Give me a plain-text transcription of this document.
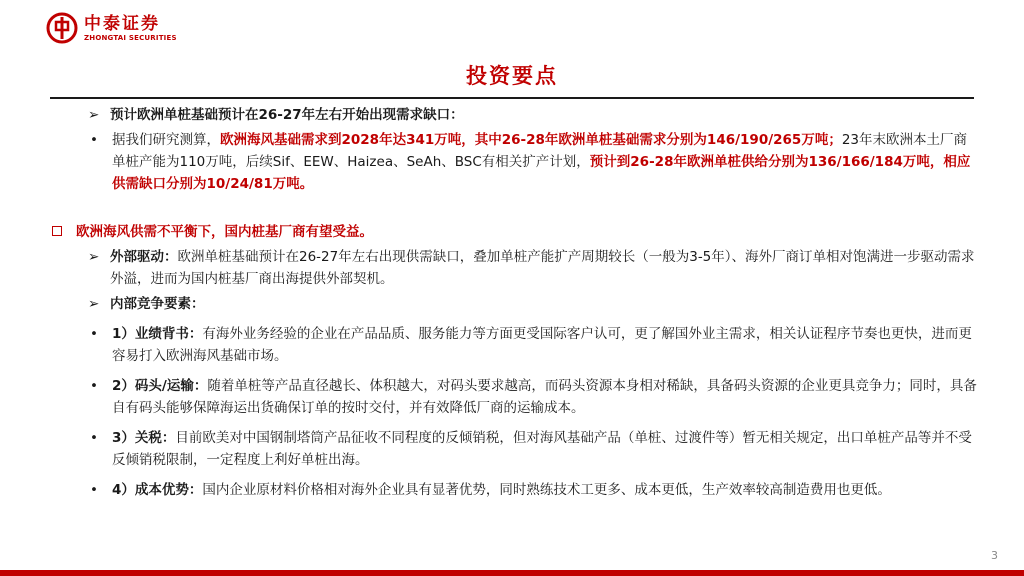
中泰证券
ZHONGTAI SECURITIES
投资要点
➢ 预计欧洲单桩基础预计在26-27年左右开始出现需求缺口：
• 据我们研究测算，欧洲海风基础需求到2028年达341万吨，其中26-28年欧洲单桩基础需求分别为146/190/265万吨；23年末欧洲本土厂商单桩产能为110万吨，后续Sif、EEW、Haizea、SeAh、BSC有相关扩产计划，预计到26-28年欧洲单桩供给分别为136/166/184万吨，相应供需缺口分别为10/24/81万吨。
欧洲海风供需不平衡下，国内桩基厂商有望受益。
➢ 外部驱动：欧洲单桩基础预计在26-27年左右出现供需缺口，叠加单桩产能扩产周期较长（一般为3-5年）、海外厂商订单相对饱满进一步驱动需求外溢，进而为国内桩基厂商出海提供外部契机。
➢ 内部竞争要素：
• 1）业绩背书：有海外业务经验的企业在产品品质、服务能力等方面更受国际客户认可，更了解国外业主需求，相关认证程序节奏也更快，进而更容易打入欧洲海风基础市场。
• 2）码头/运输：随着单桩等产品直径越长、体积越大，对码头要求越高，而码头资源本身相对稀缺，具备码头资源的企业更具竞争力；同时，具备自有码头能够保障海运出货确保订单的按时交付，并有效降低厂商的运输成本。
• 3）关税：目前欧美对中国钢制塔筒产品征收不同程度的反倾销税，但对海风基础产品（单桩、过渡件等）暂无相关规定，出口单桩产品等并不受反倾销税限制，一定程度上利好单桩出海。
• 4）成本优势：国内企业原材料价格相对海外企业具有显著优势，同时熟练技术工更多、成本更低，生产效率较高制造费用也更低。
3
